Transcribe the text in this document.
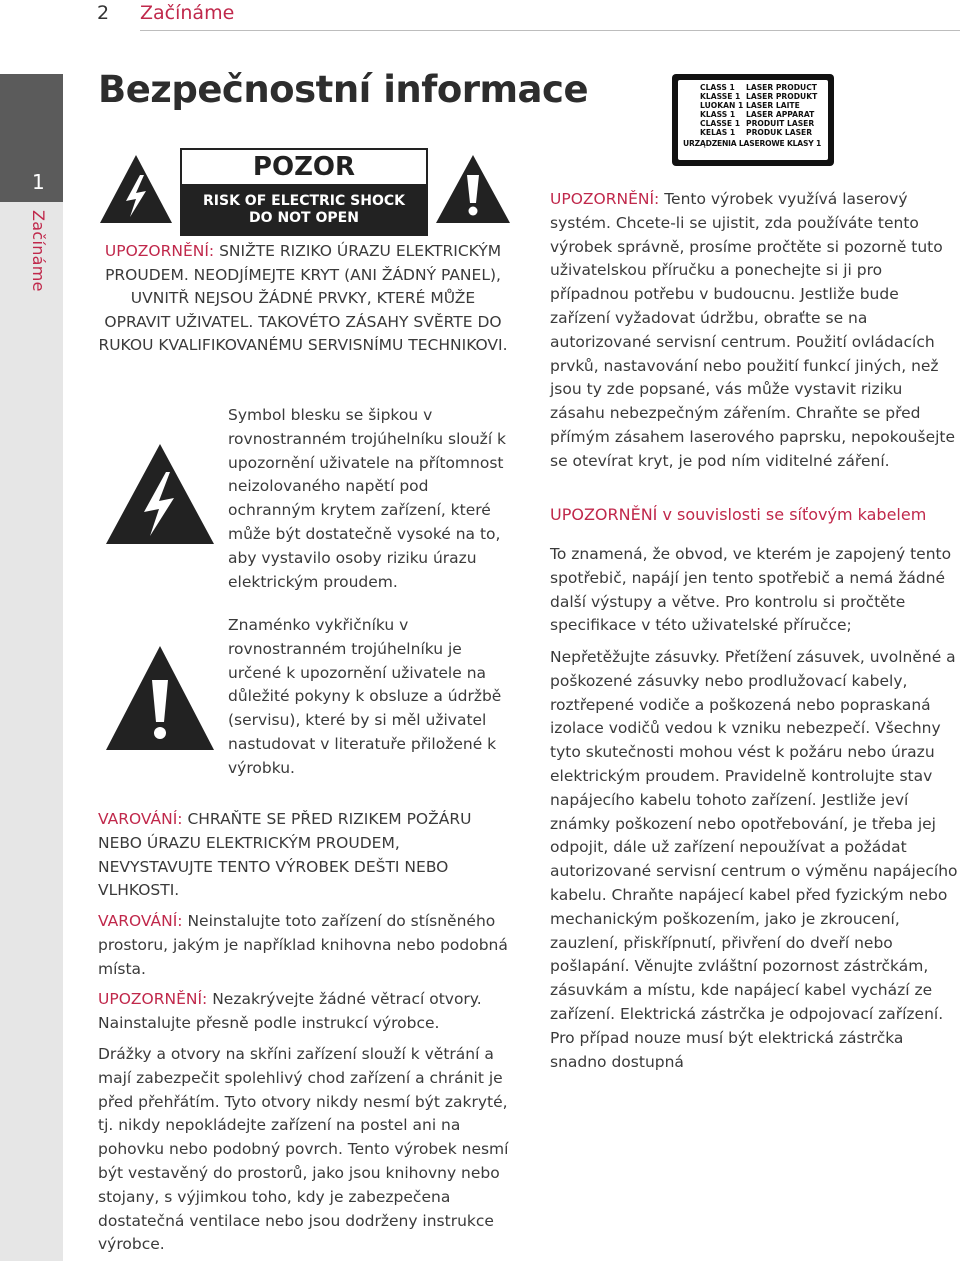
2 Začínáme
1
Začínáme
Bezpečnostní informace
POZOR
RISK OF ELECTRIC SHOCK
DO NOT OPEN
UPOZORNĚNÍ: SNIŽTE RIZIKO ÚRAZU ELEKTRICKÝM PROUDEM. NEODJÍMEJTE KRYT (ANI ŽÁDNÝ PANEL), UVNITŘ NEJSOU ŽÁDNÉ PRVKY, KTERÉ MŮŽE OPRAVIT UŽIVATEL. TAKOVÉTO ZÁSAHY SVĚRTE DO RUKOU KVALIFIKOVANÉMU SERVISNÍMU TECHNIKOVI.
Symbol blesku se šipkou v rovnostranném trojúhelníku slouží k upozornění uživatele na přítomnost neizolovaného napětí pod ochranným krytem zařízení, které může být dostatečně vysoké na to, aby vystavilo osoby riziku úrazu elektrickým proudem.
Znaménko vykřičníku v rovnostranném trojúhelníku je určené k upozornění uživatele na důležité pokyny k obsluze a údržbě (servisu), které by si měl uživatel nastudovat v literatuře přiložené k výrobku.
VAROVÁNÍ: CHRAŇTE SE PŘED RIZIKEM POŽÁRU NEBO ÚRAZU ELEKTRICKÝM PROUDEM, NEVYSTAVUJTE TENTO VÝROBEK DEŠTI NEBO VLHKOSTI.
VAROVÁNÍ: Neinstalujte toto zařízení do stísněného prostoru, jakým je například knihovna nebo podobná místa.
UPOZORNĚNÍ: Nezakrývejte žádné větrací otvory. Nainstalujte přesně podle instrukcí výrobce.
Drážky a otvory na skříni zařízení slouží k větrání a mají zabezpečit spolehlivý chod zařízení a chránit je před přehřátím. Tyto otvory nikdy nesmí být zakryté, tj. nikdy nepokládejte zařízení na postel ani na pohovku nebo podobný povrch. Tento výrobek nesmí být vestavěný do prostorů, jako jsou knihovny nebo stojany, s výjimkou toho, kdy je zabezpečena dostatečná ventilace nebo jsou dodrženy instrukce výrobce.
CLASS 1	LASER PRODUCT
KLASSE 1 LASER PRODUKT
LUOKAN 1 LASER LAITE
KLASS 1	LASER APPARAT
CLASSE 1 PRODUIT LASER
KELAS 1	PRODUK LASER
URZĄDZENIA LASEROWE KLASY 1
UPOZORNĚNÍ: Tento výrobek využívá laserový systém. Chcete-li se ujistit, zda používáte tento výrobek správně, prosíme pročtěte si pozorně tuto uživatelskou příručku a ponechejte si ji pro případnou potřebu v budoucnu. Jestliže bude zařízení vyžadovat údržbu, obraťte se na autorizované servisní centrum. Použití ovládacích prvků, nastavování nebo použití funkcí jiných, než jsou ty zde popsané, vás může vystavit riziku zásahu nebezpečným zářením. Chraňte se před přímým zásahem laserového paprsku, nepokoušejte se otevírat kryt, je pod ním viditelné záření.
UPOZORNĚNÍ v souvislosti se síťovým kabelem
To znamená, že obvod, ve kterém je zapojený tento spotřebič, napájí jen tento spotřebič a nemá žádné další výstupy a větve. Pro kontrolu si pročtěte specifikace v této uživatelské příručce;
Nepřetěžujte zásuvky. Přetížení zásuvek, uvolněné a poškozené zásuvky nebo prodlužovací kabely, roztřepené vodiče a poškozená nebo popraskaná izolace vodičů vedou k vzniku nebezpečí. Všechny tyto skutečnosti mohou vést k požáru nebo úrazu elektrickým proudem. Pravidelně kontrolujte stav napájecího kabelu tohoto zařízení. Jestliže jeví známky poškození nebo opotřebování, je třeba jej odpojit, dále už zařízení nepoužívat a požádat autorizované servisní centrum o výměnu napájecího kabelu. Chraňte napájecí kabel před fyzickým nebo mechanickým poškozením, jako je zkroucení, zauzlení, přiskřípnutí, přivření do dveří nebo pošlapání. Věnujte zvláštní pozornost zástrčkám, zásuvkám a místu, kde napájecí kabel vychází ze zařízení. Elektrická zástrčka je odpojovací zařízení. Pro případ nouze musí být elektrická zástrčka snadno dostupná
